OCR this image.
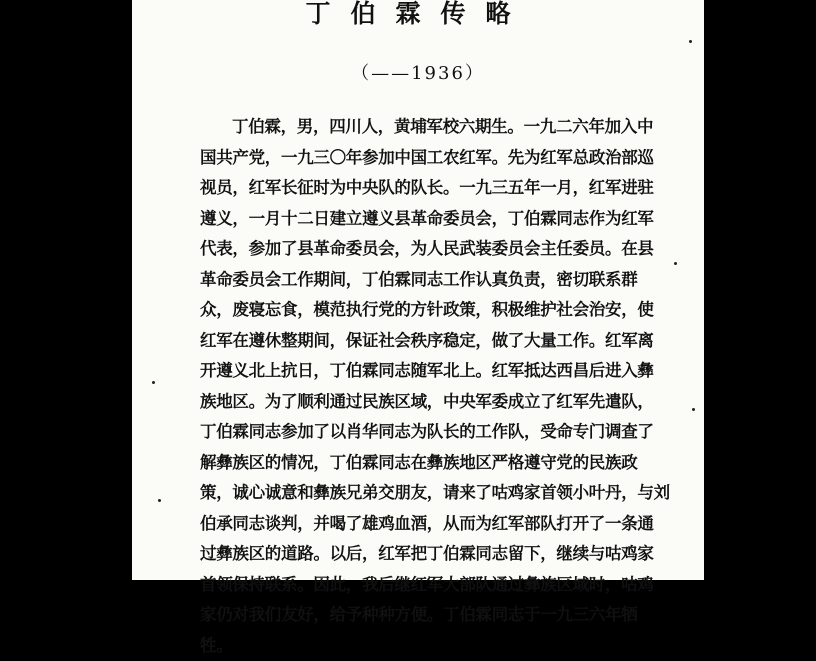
丁伯霖传略
（——1936）
丁伯霖，男，四川人，黄埔军校六期生。一九二六年加入中
国共产党，一九三〇年参加中国工农红军。先为红军总政治部巡
视员，红军长征时为中央队的队长。一九三五年一月，红军进驻
遵义，一月十二日建立遵义县革命委员会，丁伯霖同志作为红军
代表，参加了县革命委员会，为人民武装委员会主任委员。在县
革命委员会工作期间，丁伯霖同志工作认真负责，密切联系群
众，废寝忘食，模范执行党的方针政策，积极维护社会治安，使
红军在遵休整期间，保证社会秩序稳定，做了大量工作。红军离
开遵义北上抗日，丁伯霖同志随军北上。红军抵达西昌后进入彝
族地区。为了顺利通过民族区域，中央军委成立了红军先遣队，
丁伯霖同志参加了以肖华同志为队长的工作队，受命专门调查了
解彝族区的情况，丁伯霖同志在彝族地区严格遵守党的民族政
策，诚心诚意和彝族兄弟交朋友，请来了咕鸡家首领小叶丹，与刘
伯承同志谈判，并喝了雄鸡血酒，从而为红军部队打开了一条通
过彝族区的道路。以后，红军把丁伯霖同志留下，继续与咕鸡家
首领保持联系。因此，我后继红军大部队通过彝族区域时，咕鸡
家仍对我们友好，给予种种方便。丁伯霖同志于一九三六年牺
牲。
